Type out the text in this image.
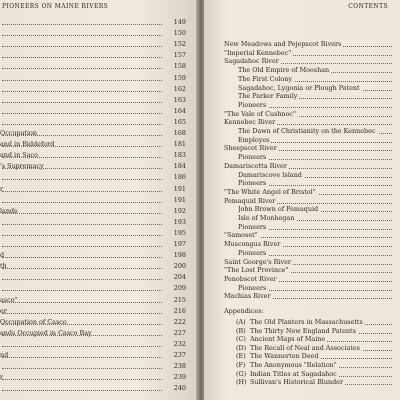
PIONEERS ON MAINE RIVERS
149
150
152
157
158
159
162
163
164
165
Occupation	168
and in Biddeford	181
and in Saco	183
's Supremacy	184
186
r	191
191
lands	192
193
195
197
d	198
th	200
204
209
asco"	215
er	216
Occupation of Casco	222
ands Occupied in Casco Bay	227
232
nd	237
238
r	239
240
CONTENTS
New Meadows and Pejepscot Rivers
"Imperial Kennebec"
Sagadahoc River
The Old Empire of Mooshan
The First Colony
Sagadahoc, Lygonia or Plough Patent
The Parker Family
Pioneers
"The Vale of Cushnoc"
Kennebec River
The Dawn of Christianity on the Kennebec
Employes
Sheepscot River
Pioneers
Damariscotta River
Damariscove Island
Pioneers
"The White Angel of Bristol"
Pemaquid River
John Brown of Pemaquid
Isle of Monhegan
Pioneers
"Samoset"
Muscongus River
Pioneers
Saint George's River
"The Lost Province"
Penobscot River
Pioneers
Machias River
Appendices:
(A) The Old Planters in Massachusetts
(B) The Thirty New England Patents
(C) Ancient Maps of Maine
(D) The Recall of Neal and Associates
(E) The Wannerton Deed
(F) The Anonymous "Relation"
(G) Indian Titles at Sagadahoc
(H) Sullivan's Historical Blunder
